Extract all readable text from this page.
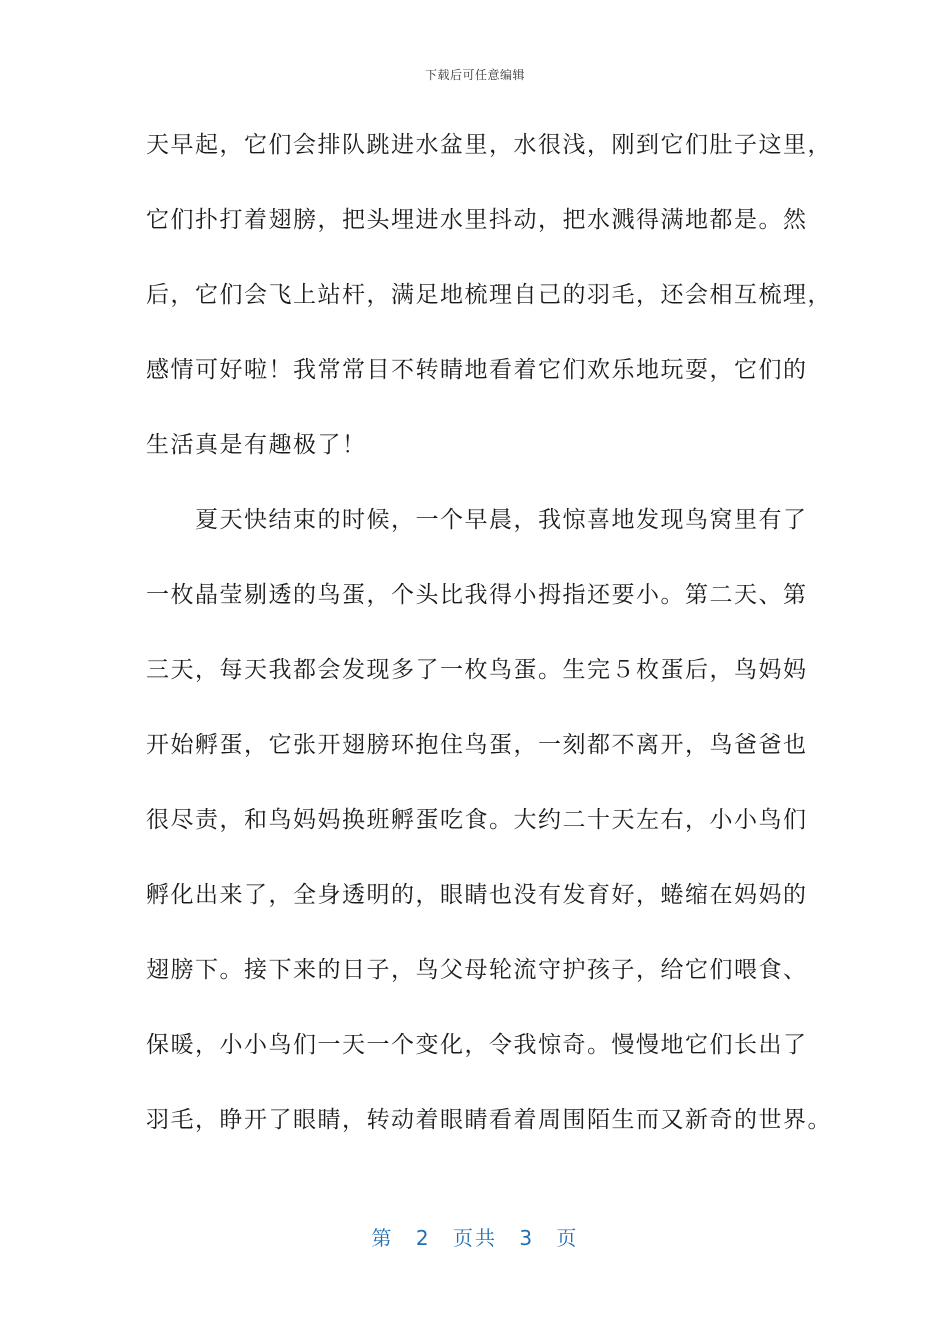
下载后可任意编辑
天早起，它们会排队跳进水盆里，水很浅，刚到它们肚子这里，
它们扑打着翅膀，把头埋进水里抖动，把水溅得满地都是。然
后，它们会飞上站杆，满足地梳理自己的羽毛，还会相互梳理，
感情可好啦！我常常目不转睛地看着它们欢乐地玩耍，它们的
生活真是有趣极了！
　　夏天快结束的时候，一个早晨，我惊喜地发现鸟窝里有了
一枚晶莹剔透的鸟蛋，个头比我得小拇指还要小。第二天、第
三天，每天我都会发现多了一枚鸟蛋。生完５枚蛋后，鸟妈妈
开始孵蛋，它张开翅膀环抱住鸟蛋，一刻都不离开，鸟爸爸也
很尽责，和鸟妈妈换班孵蛋吃食。大约二十天左右，小小鸟们
孵化出来了，全身透明的，眼睛也没有发育好，蜷缩在妈妈的
翅膀下。接下来的日子，鸟父母轮流守护孩子，给它们喂食、
保暖，小小鸟们一天一个变化，令我惊奇。慢慢地它们长出了
羽毛，睁开了眼睛，转动着眼睛看着周围陌生而又新奇的世界。
第 2 页共 3 页
